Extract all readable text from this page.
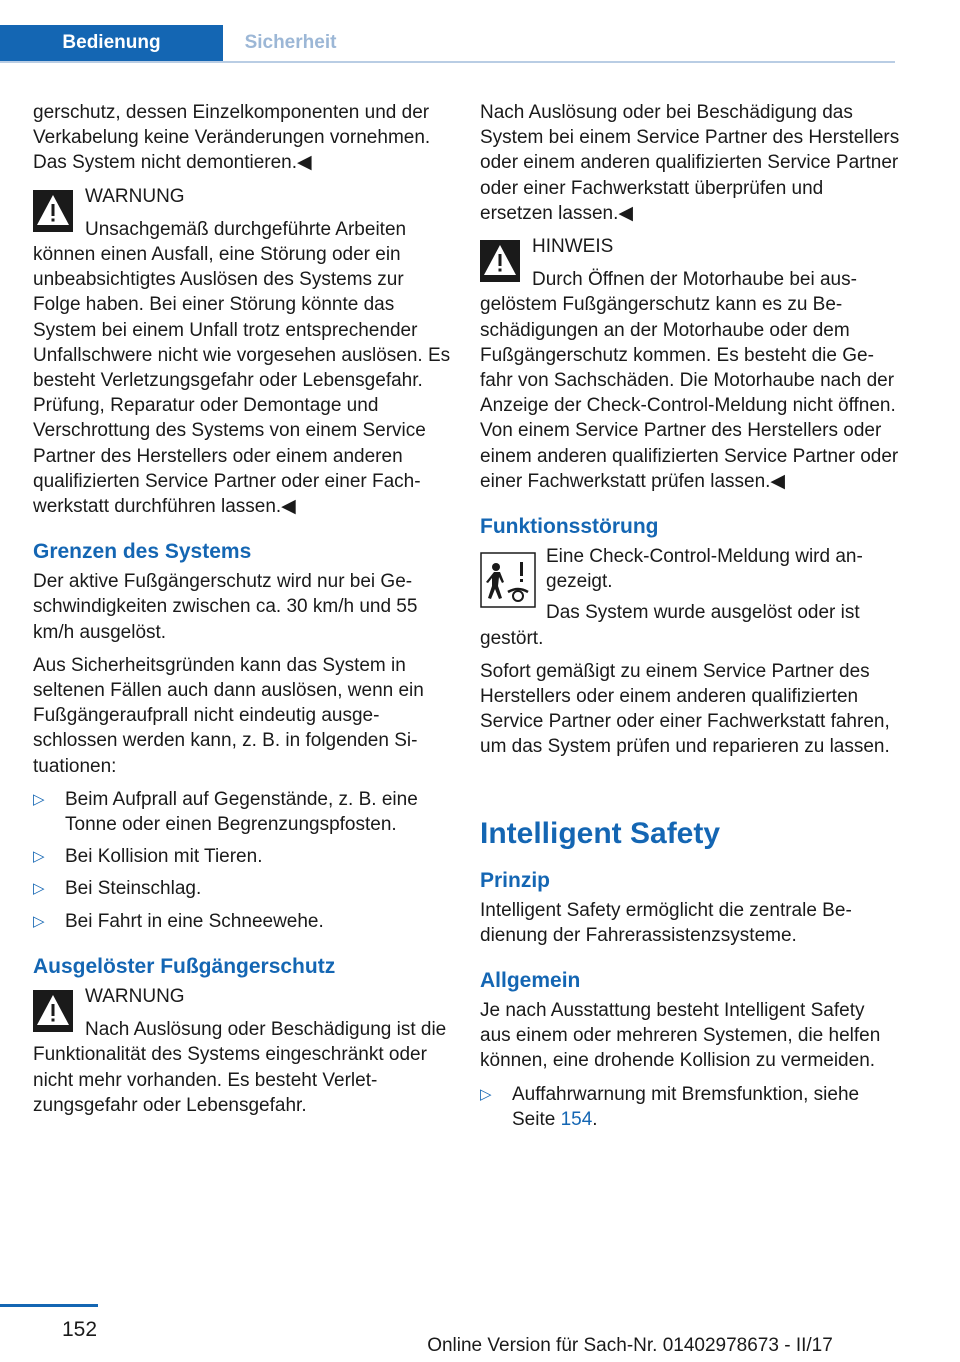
Bedienung	Sicherheit

gerschutz, dessen Einzelkomponenten und der Verkabelung keine Veränderungen vornehmen. Das System nicht demontieren.◀

WARNUNG
Unsachgemäß durchgeführte Arbeiten können einen Ausfall, eine Störung oder ein unbeabsichtigtes Auslösen des Systems zur Folge haben. Bei einer Störung könnte das System bei einem Unfall trotz entsprechender Unfallschwere nicht wie vorgesehen auslösen. Es besteht Verletzungsgefahr oder Lebensgefahr. Prüfung, Reparatur oder Demontage und Verschrottung des Systems von einem Service Partner des Herstellers oder einem anderen qualifizierten Service Partner oder einer Fachwerkstatt durchführen lassen.◀
Grenzen des Systems

Der aktive Fußgängerschutz wird nur bei Geschwindigkeiten zwischen ca. 30 km/h und 55 km/h ausgelöst.

Aus Sicherheitsgründen kann das System in seltenen Fällen auch dann auslösen, wenn ein Fußgängeraufprall nicht eindeutig ausgeschlossen werden kann, z. B. in folgenden Situationen:

▷ Beim Aufprall auf Gegenstände, z. B. eine Tonne oder einen Begrenzungspfosten.
▷ Bei Kollision mit Tieren.
▷ Bei Steinschlag.
▷ Bei Fahrt in eine Schneewehe.
Ausgelöster Fußgängerschutz
WARNUNG
Nach Auslösung oder Beschädigung ist die Funktionalität des Systems eingeschränkt oder nicht mehr vorhanden. Es besteht Verletzungsgefahr oder Lebensgefahr.

Nach Auslösung oder bei Beschädigung das System bei einem Service Partner des Herstellers oder einem anderen qualifizierten Service Partner oder einer Fachwerkstatt überprüfen und ersetzen lassen.◀

HINWEIS
Durch Öffnen der Motorhaube bei ausgelöstem Fußgängerschutz kann es zu Beschädigungen an der Motorhaube oder dem Fußgängerschutz kommen. Es besteht die Gefahr von Sachschäden. Die Motorhaube nach der Anzeige der Check-Control-Meldung nicht öffnen. Von einem Service Partner des Herstellers oder einem anderen qualifizierten Service Partner oder einer Fachwerkstatt prüfen lassen.◀
Funktionsstörung

Eine Check-Control-Meldung wird angezeigt.

Das System wurde ausgelöst oder ist gestört.

Sofort gemäßigt zu einem Service Partner des Herstellers oder einem anderen qualifizierten Service Partner oder einer Fachwerkstatt fahren, um das System prüfen und reparieren zu lassen.

Intelligent Safety
Prinzip

Intelligent Safety ermöglicht die zentrale Bedienung der Fahrerassistenzsysteme.

Allgemein

Je nach Ausstattung besteht Intelligent Safety aus einem oder mehreren Systemen, die helfen können, eine drohende Kollision zu vermeiden.

▷ Auffahrwarnung mit Bremsfunktion, siehe Seite 154.
152
Online Version für Sach-Nr. 01402978673 - II/17
